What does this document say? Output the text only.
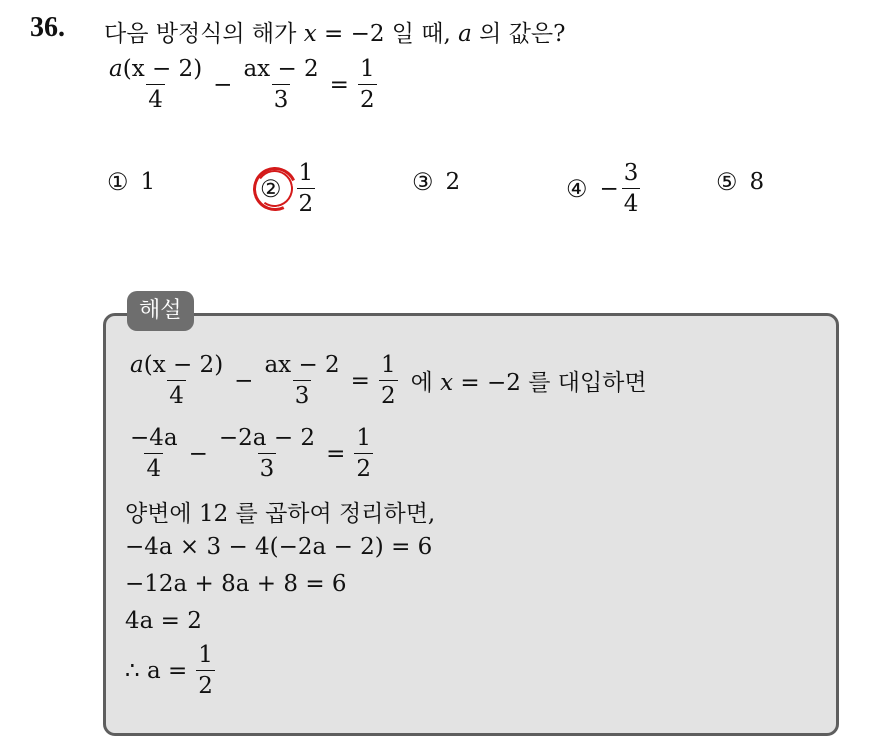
36. 다음 방정식의 해가 x = −2 일 때, a 의 값은?
$\frac{a(x - 2)}{4} - \frac{ax - 2}{3} = \frac{1}{2}$
① 1	② $\frac{1}{2}$	③ 2	④ − $\frac{3}{4}$	⑤ 8
해설
$\frac{a(x - 2)}{4} - \frac{ax - 2}{3} = \frac{1}{2}$ 에 x = −2 를 대입하면
$\frac{-4a}{4} - \frac{-2a - 2}{3} = \frac{1}{2}$
양변에 12 를 곱하여 정리하면,
−4a × 3 − 4(−2a − 2) = 6
−12a + 8a + 8 = 6
4a = 2
∴ $a = \frac{1}{2}$
